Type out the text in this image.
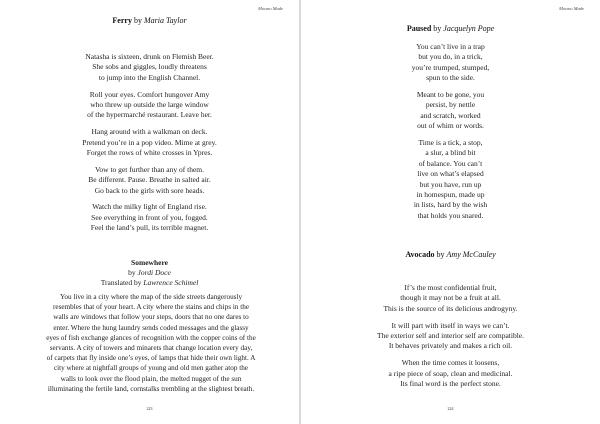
Mocmo Made
Ferry by Maria Taylor
Natasha is sixteen, drunk on Flemish Beer.
She sobs and giggles, loudly threatens
to jump into the English Channel.
Roll your eyes. Comfort hungover Amy
who threw up outside the large window
of the hypermarché restaurant. Leave her.
Hang around with a walkman on deck.
Pretend you’re in a pop video. Mime at grey.
Forget the rows of white crosses in Ypres.
Vow to get further than any of them.
Be different. Pause. Breathe in salted air.
Go back to the girls with sore heads.
Watch the milky light of England rise.
See everything in front of you, fogged.
Feel the land’s pull, its terrible magnet.
Somewhere
by Jordi Doce
Translated by Lawrence Schimel
You live in a city where the map of the side streets dangerously
resembles that of your heart. A city where the stains and chips in the
walls are windows that follow your steps, doors that no one dares to
enter. Where the hung laundry sends coded messages and the glassy
eyes of fish exchange glances of recognition with the copper coins of the
servants. A city of towers and minarets that change location every day,
of carpets that fly inside one’s eyes, of lamps that hide their own light. A
city where at nightfall groups of young and old men gather atop the
walls to look over the flood plain, the melted nugget of the sun
illuminating the fertile land, cornstalks trembling at the slightest breath.
223
Mocmo Made
Paused by Jacquelyn Pope
You can’t live in a trap
but you do, in a trick,
you’re trumped, stumped,
spun to the side.
Meant to be gone, you
persist, by nettle
and scratch, worked
out of whim or words.
Time is a tick, a stop,
a slur, a blind bit
of balance. You can’t
live on what’s elapsed
but you have, run up
in homespun, made up
in lists, hard by the wish
that holds you snared.
Avocado by Amy McCauley
If’s the most confidential fruit,
though it may not be a fruit at all.
This is the source of its delicious androgyny.
It will part with itself in ways we can’t.
The exterior self and interior self are compatible.
It behaves privately and makes a rich oil.
When the time comes it loosens,
a ripe piece of soap, clean and medicinal.
Its final word is the perfect stone.
224
